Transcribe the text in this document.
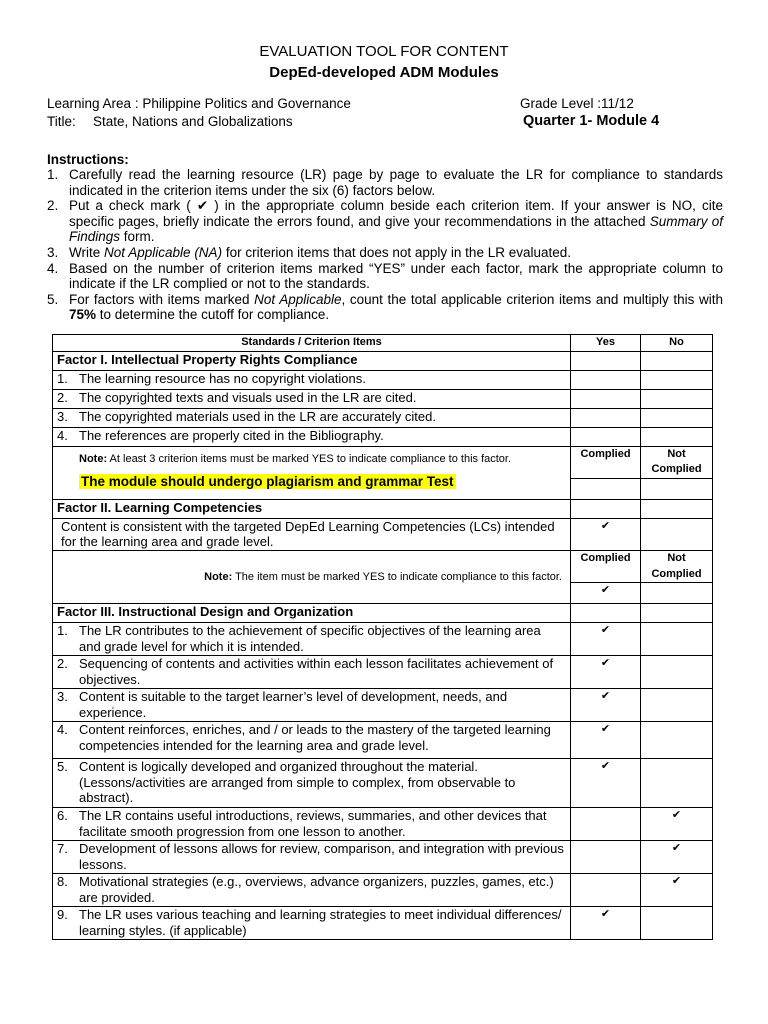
EVALUATION TOOL FOR CONTENT
DepEd-developed ADM Modules
Learning Area : Philippine Politics and Governance	Grade Level :11/12
Title: State, Nations and Globalizations	Quarter 1- Module 4
Instructions:
1. Carefully read the learning resource (LR) page by page to evaluate the LR for compliance to standards indicated in the criterion items under the six (6) factors below.
2. Put a check mark ( ✔ ) in the appropriate column beside each criterion item. If your answer is NO, cite specific pages, briefly indicate the errors found, and give your recommendations in the attached Summary of Findings form.
3. Write Not Applicable (NA) for criterion items that does not apply in the LR evaluated.
4. Based on the number of criterion items marked “YES” under each factor, mark the appropriate column to indicate if the LR complied or not to the standards.
5. For factors with items marked Not Applicable, count the total applicable criterion items and multiply this with 75% to determine the cutoff for compliance.
Standards / Criterion Items	Yes	No
Factor I. Intellectual Property Rights Compliance		

1. The learning resource has no copyright violations.		

2. The copyrighted texts and visuals used in the LR are cited.		

3. The copyrighted materials used in the LR are accurately cited.		

4. The references are properly cited in the Bibliography.		

Note: At least 3 criterion items must be marked YES to indicate compliance to this factor.
The module should undergo plagiarism and grammar Test	Complied	Not Complied

Factor II. Learning Competencies		
Content is consistent with the targeted DepEd Learning Competencies (LCs) intended for the learning area and grade level.	✔	
Note: The item must be marked YES to indicate compliance to this factor.	Complied	Not Complied
	✔	
Factor III. Instructional Design and Organization		

1. The LR contributes to the achievement of specific objectives of the learning area and grade level for which it is intended.	✔	

2. Sequencing of contents and activities within each lesson facilitates achievement of objectives.	✔	

3. Content is suitable to the target learner’s level of development, needs, and experience.	✔	

4. Content reinforces, enriches, and / or leads to the mastery of the targeted learning competencies intended for the learning area and grade level.	✔	

5. Content is logically developed and organized throughout the material. (Lessons/activities are arranged from simple to complex, from observable to abstract).	✔	

6. The LR contains useful introductions, reviews, summaries, and other devices that facilitate smooth progression from one lesson to another.		✔

7. Development of lessons allows for review, comparison, and integration with previous lessons.		✔

8. Motivational strategies (e.g., overviews, advance organizers, puzzles, games, etc.) are provided.		✔

9. The LR uses various teaching and learning strategies to meet individual differences/ learning styles. (if applicable)	✔	
